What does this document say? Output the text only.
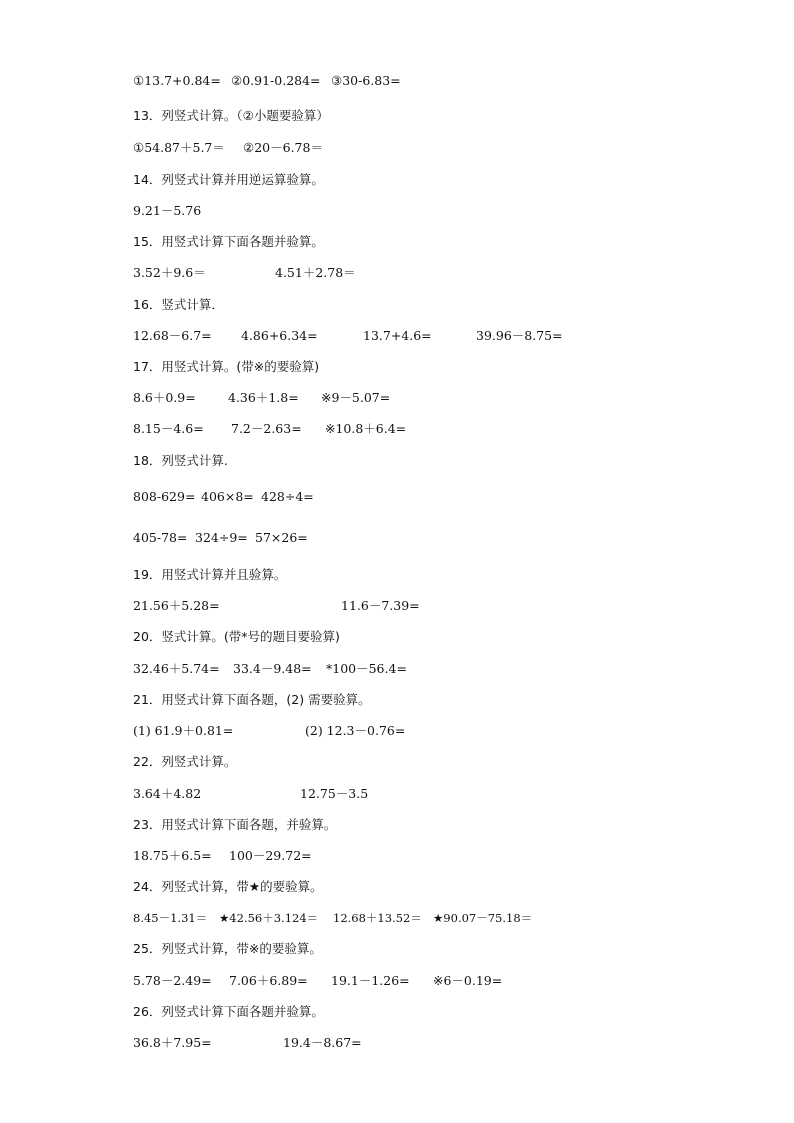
①13.7+0.84= ②0.91-0.284= ③30-6.83=
13．列竖式计算。（②小题要验算）
①54.87＋5.7＝ ②20－6.78＝
14．列竖式计算并用逆运算验算。
9.21－5.76
15．用竖式计算下面各题并验算。
3.52＋9.6＝	4.51＋2.78＝
16．竖式计算．
12.68－6.7= 4.86+6.34=	13.7+4.6=	39.96－8.75=
17．用竖式计算。(带※的要验算)
8.6＋0.9=	4.36＋1.8= ※9－5.07=
8.15－4.6= 7.2－2.63= ※10.8＋6.4=
18．列竖式计算.
808-629= 406×8= 428÷4=
405-78= 324÷9= 57×26=
19．用竖式计算并且验算。
21.56＋5.28=	11.6－7.39=
20．竖式计算。(带*号的题目要验算)
32.46＋5.74= 33.4－9.48= *100－56.4=
21．用竖式计算下面各题，(2) 需要验算。
(1) 61.9＋0.81=	(2) 12.3－0.76=
22．列竖式计算。
3.64＋4.82	12.75－3.5
23．用竖式计算下面各题，并验算。
18.75＋6.5= 100－29.72=
24．列竖式计算，带★的要验算。
8.45－1.31＝ ★42.56＋3.124＝ 12.68＋13.52＝ ★90.07－75.18＝
25．列竖式计算，带※的要验算。
5.78－2.49= 7.06＋6.89= 19.1－1.26= ※6－0.19=
26．列竖式计算下面各题并验算。
36.8＋7.95=	19.4－8.67=
